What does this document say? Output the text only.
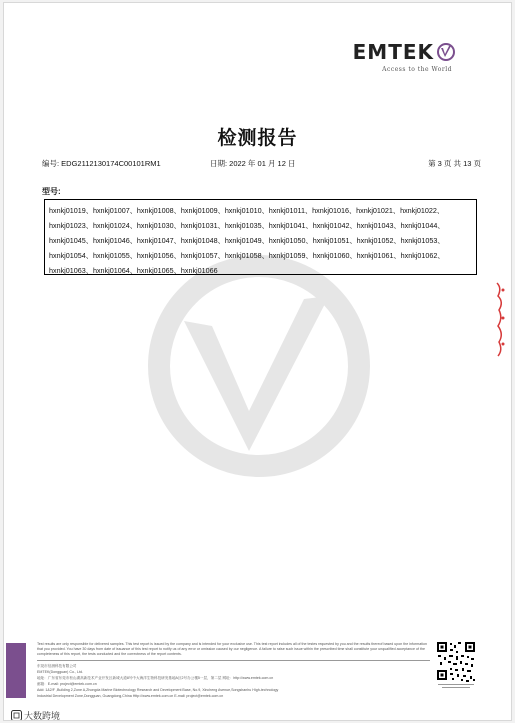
EMTEK
Access to the World
检测报告
编号: EDG2112130174C00101RM1	日期: 2022 年 01 月 12 日	第 3 页 共 13 页
型号:
hxnkj01019、hxnkj01007、hxnkj01008、hxnkj01009、hxnkj01010、hxnkj01011、hxnkj01016、hxnkj01021、hxnkj01022、hxnkj01023、hxnkj01024、hxnkj01030、hxnkj01031、hxnkj01035、hxnkj01041、hxnkj01042、hxnkj01043、hxnkj01044、hxnkj01045、hxnkj01046、hxnkj01047、hxnkj01048、hxnkj01049、hxnkj01050、hxnkj01051、hxnkj01052、hxnkj01053、hxnkj01054、hxnkj01055、hxnkj01056、hxnkj01057、hxnkj01058、hxnkj01059、hxnkj01060、hxnkj01061、hxnkj01062、hxnkj01063、hxnkj01064、hxnkj01065、hxnkj01066
Test results are only responsible for delivered samples. This test report is issued by the company and is intended for your exclusive use. This test report includes all of the testes requested by you and the results thereof based upon the information that you provided. You have 30 days from date of issuance of this test report to notify us of any error or omission caused by our negligence. A failure to raise such issue within the prescribed time shall constitute your unqualified acceptance of the completeness of this report, the tests conducted and the correctness of the report contents.
东莞市信测科技有限公司
EMTEK(Dongguan) Co., Ltd.
地址：广东省东莞市松山湖高新技术产业开发区新城大道8号中大海洋生物科技研发基地A区2号办公楼5一层，第二层 网址：http://www.emtek.com.cn
邮箱：E-mail: project@emtek.com.cn
Add: 1&2/F ,Building 2,Zone A,Zhongda Marine Biotechnology Research and Development Base, No.9, Xincheng Avenue,Songshanhu High-technology
Industrial Development Zone,Dongguan, Guangdong,China Http://www.emtek.com.cn E-mail: project@emtek.com.cn
大数跨境
